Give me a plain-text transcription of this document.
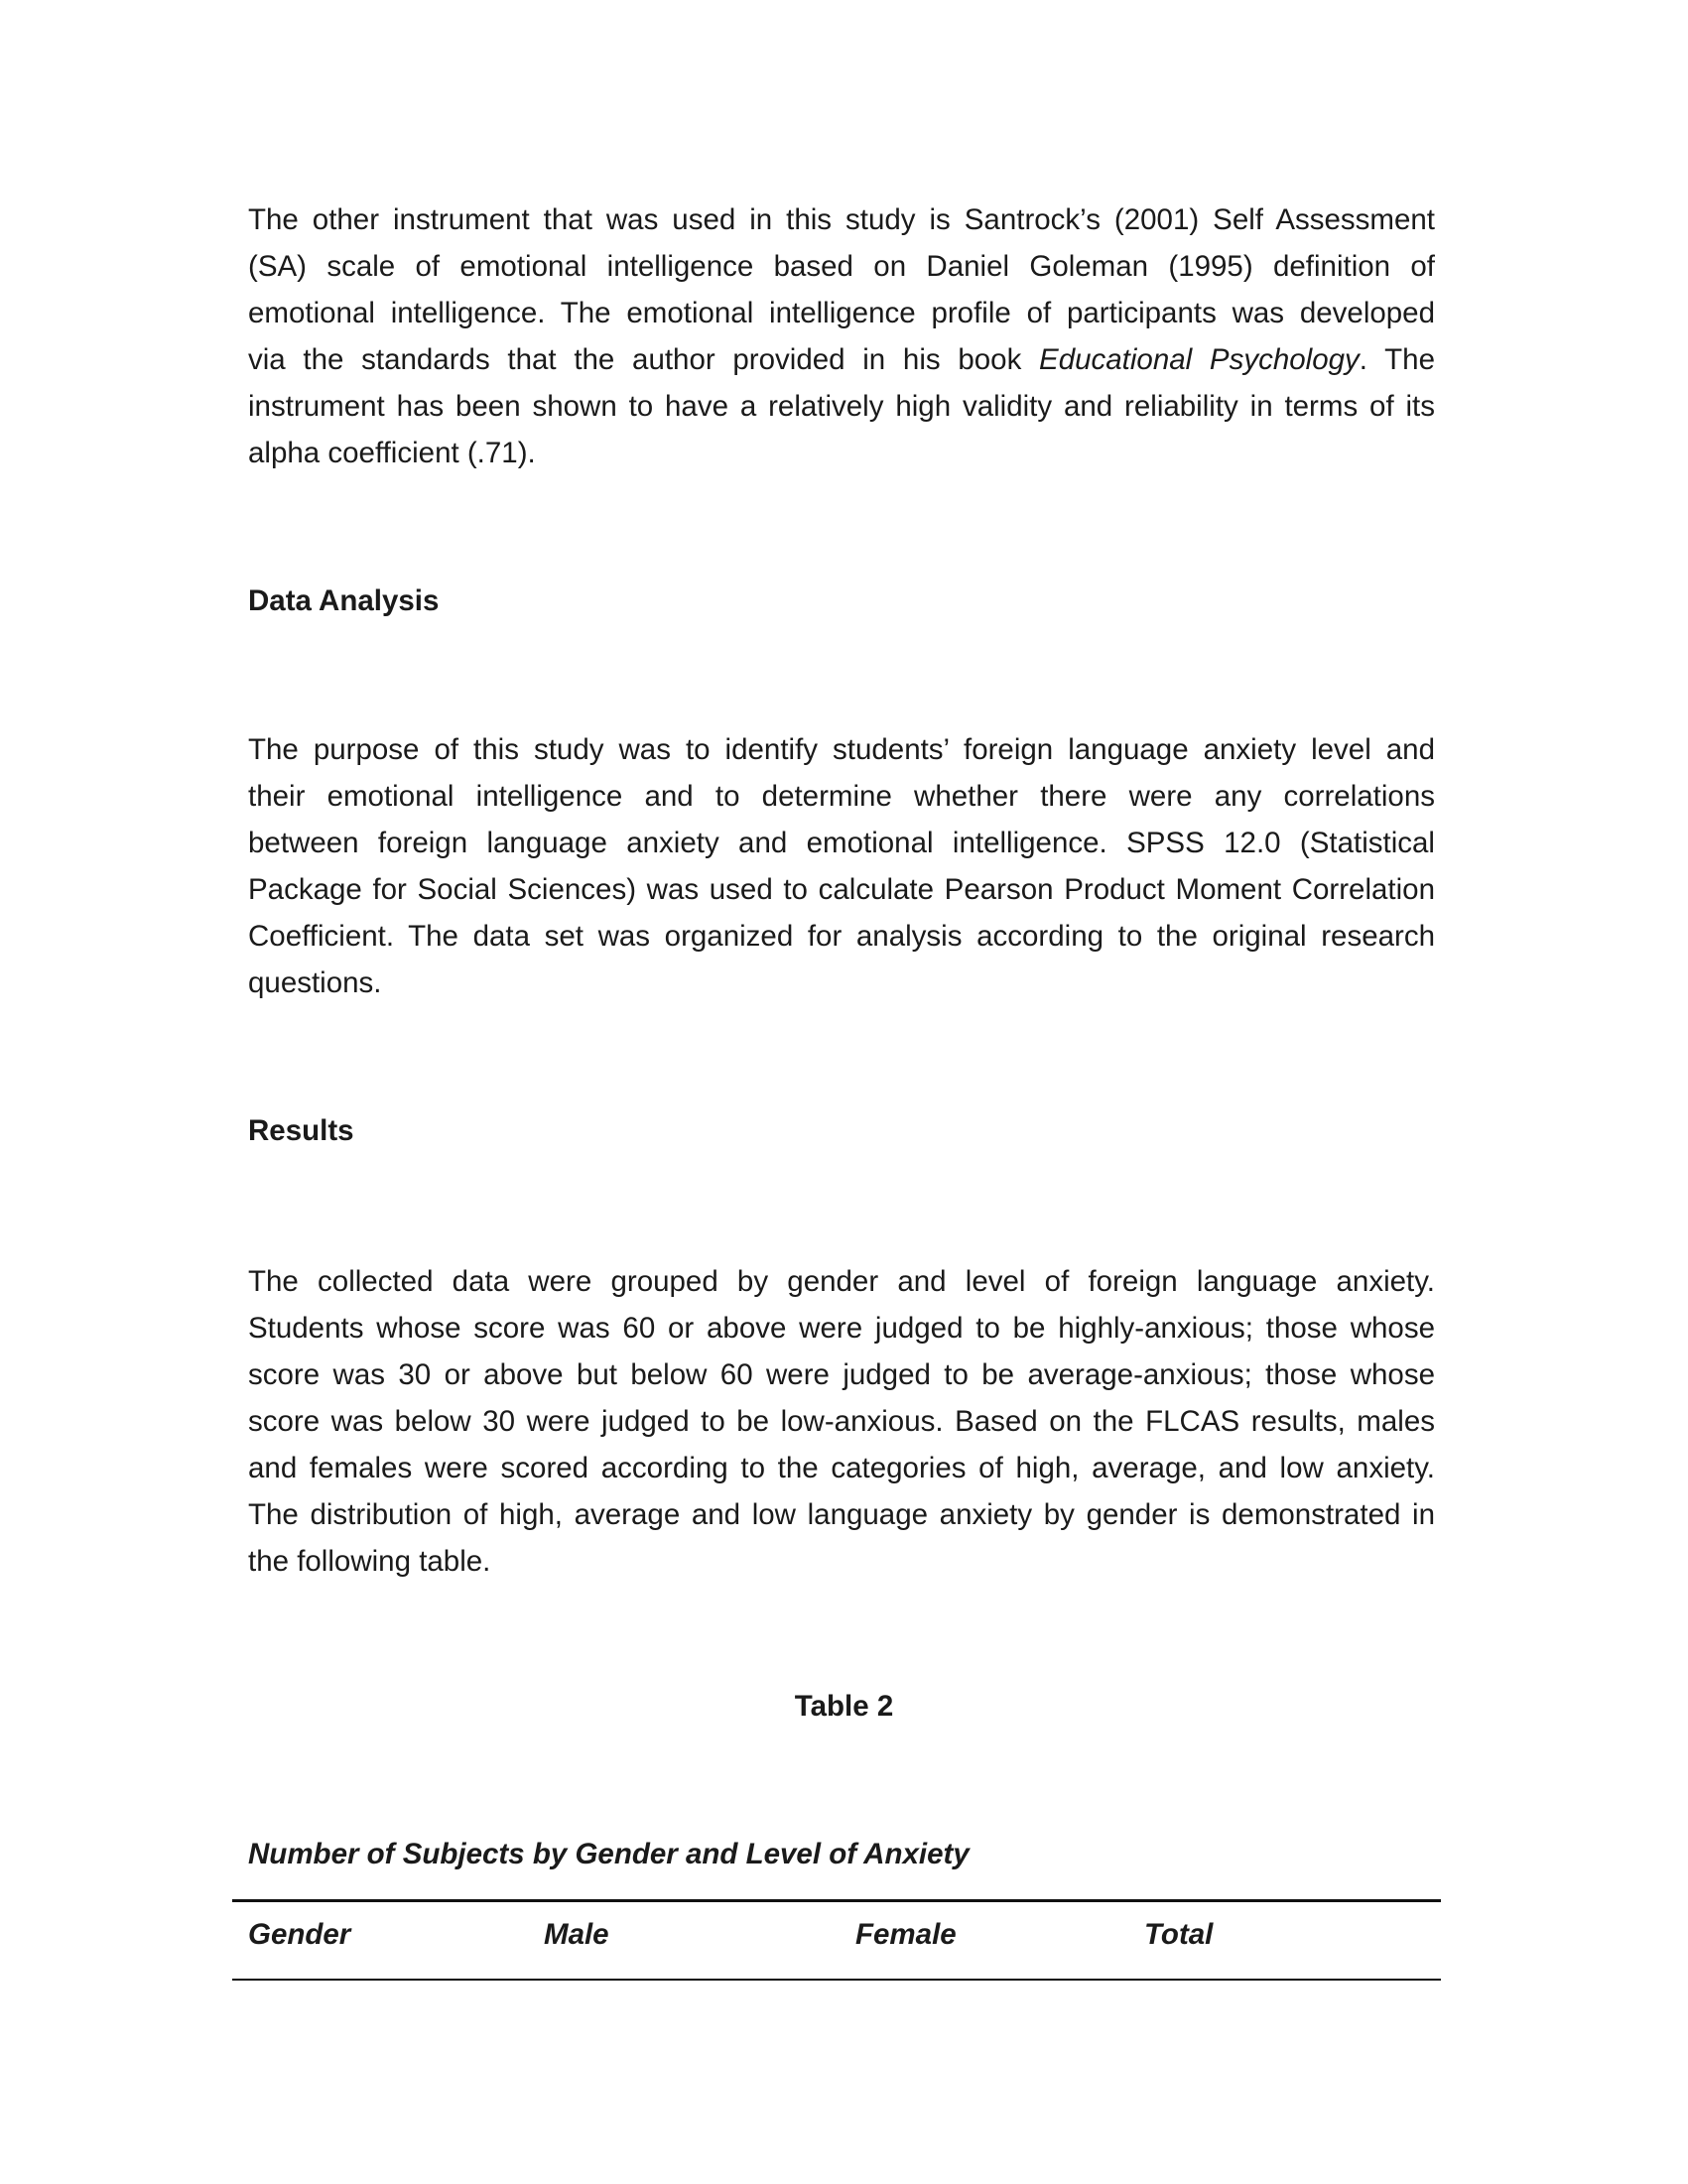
The other instrument that was used in this study is Santrock’s (2001) Self Assessment
(SA) scale of emotional intelligence based on Daniel Goleman (1995) definition of
emotional intelligence. The emotional intelligence profile of participants was developed
via the standards that the author provided in his book Educational Psychology. The
instrument has been shown to have a relatively high validity and reliability in terms of its
alpha coefficient (.71).
Data Analysis
The purpose of this study was to identify students’ foreign language anxiety level and
their emotional intelligence and to determine whether there were any correlations
between foreign language anxiety and emotional intelligence. SPSS 12.0 (Statistical
Package for Social Sciences) was used to calculate Pearson Product Moment Correlation
Coefficient. The data set was organized for analysis according to the original research
questions.
Results
The collected data were grouped by gender and level of foreign language anxiety.
Students whose score was 60 or above were judged to be highly-anxious; those whose
score was 30 or above but below 60 were judged to be average-anxious; those whose
score was below 30 were judged to be low-anxious. Based on the FLCAS results, males
and females were scored according to the categories of high, average, and low anxiety.
The distribution of high, average and low language anxiety by gender is demonstrated in
the following table.
Table 2
Number of Subjects by Gender and Level of Anxiety
Gender	Male	Female	Total
